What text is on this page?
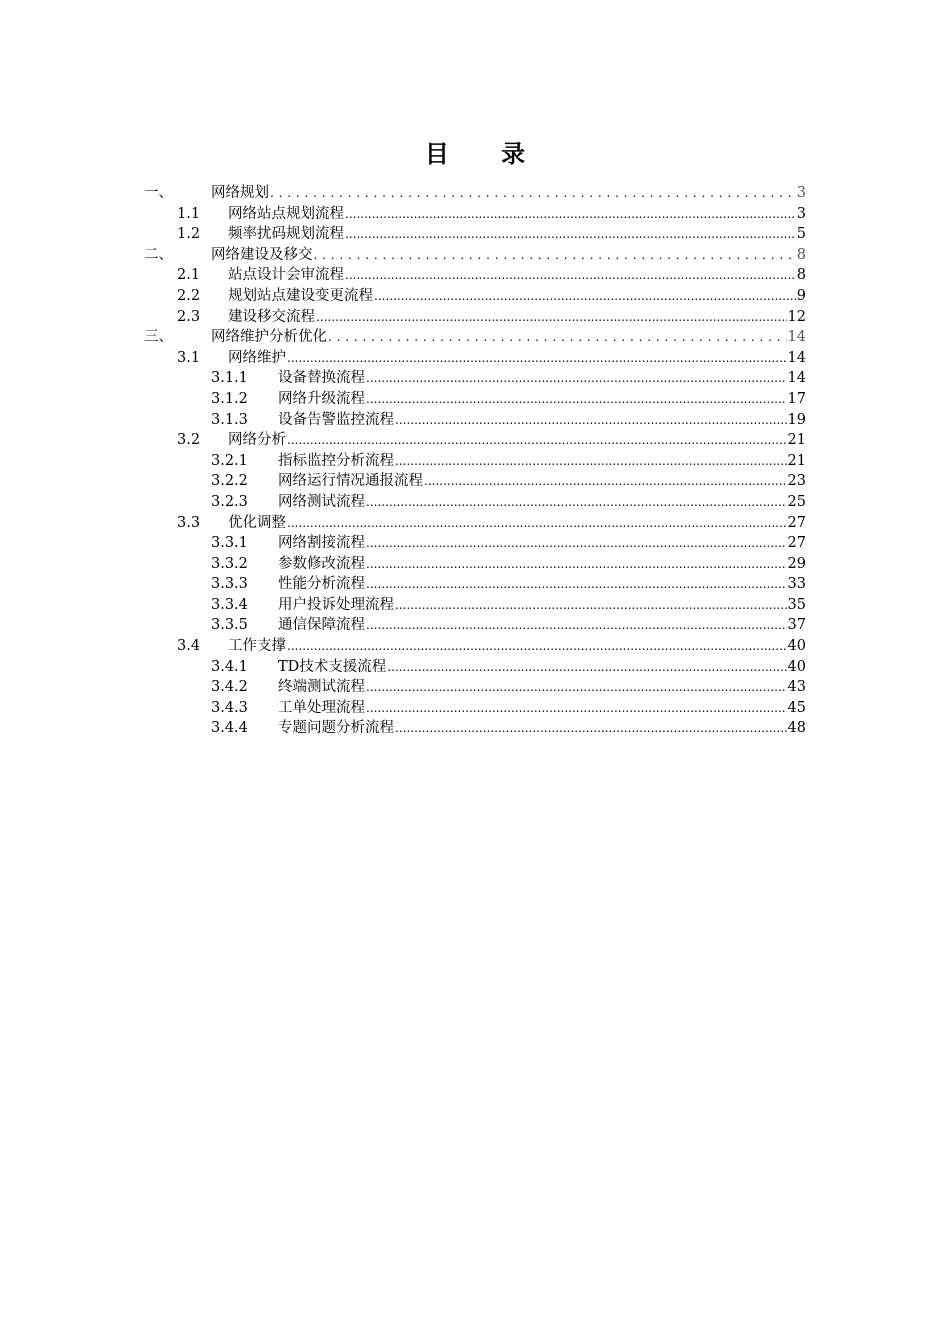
目 录
一、	网络规划 . . .	3
1.1 网络站点规划流程 .....	3
1.2 频率扰码规划流程 .....	5
二、	网络建设及移交 . . .	8
2.1 站点设计会审流程 .....	8
2.2 规划站点建设变更流程 .....	9
2.3 建设移交流程 .....	12
三、	网络维护分析优化 . . .	14
3.1 网络维护 .....	14
3.1.1 设备替换流程 .....	14
3.1.2 网络升级流程 .....	17
3.1.3 设备告警监控流程 .....	19
3.2 网络分析 .....	21
3.2.1 指标监控分析流程 .....	21
3.2.2 网络运行情况通报流程 .....	23
3.2.3 网络测试流程 .....	25
3.3 优化调整 .....	27
3.3.1 网络割接流程 .....	27
3.3.2 参数修改流程 .....	29
3.3.3 性能分析流程 .....	33
3.3.4 用户投诉处理流程 .....	35
3.3.5 通信保障流程 .....	37
3.4 工作支撑 .....	40
3.4.1 TD技术支援流程 .....	40
3.4.2 终端测试流程 .....	43
3.4.3 工单处理流程 .....	45
3.4.4 专题问题分析流程 .....	48
